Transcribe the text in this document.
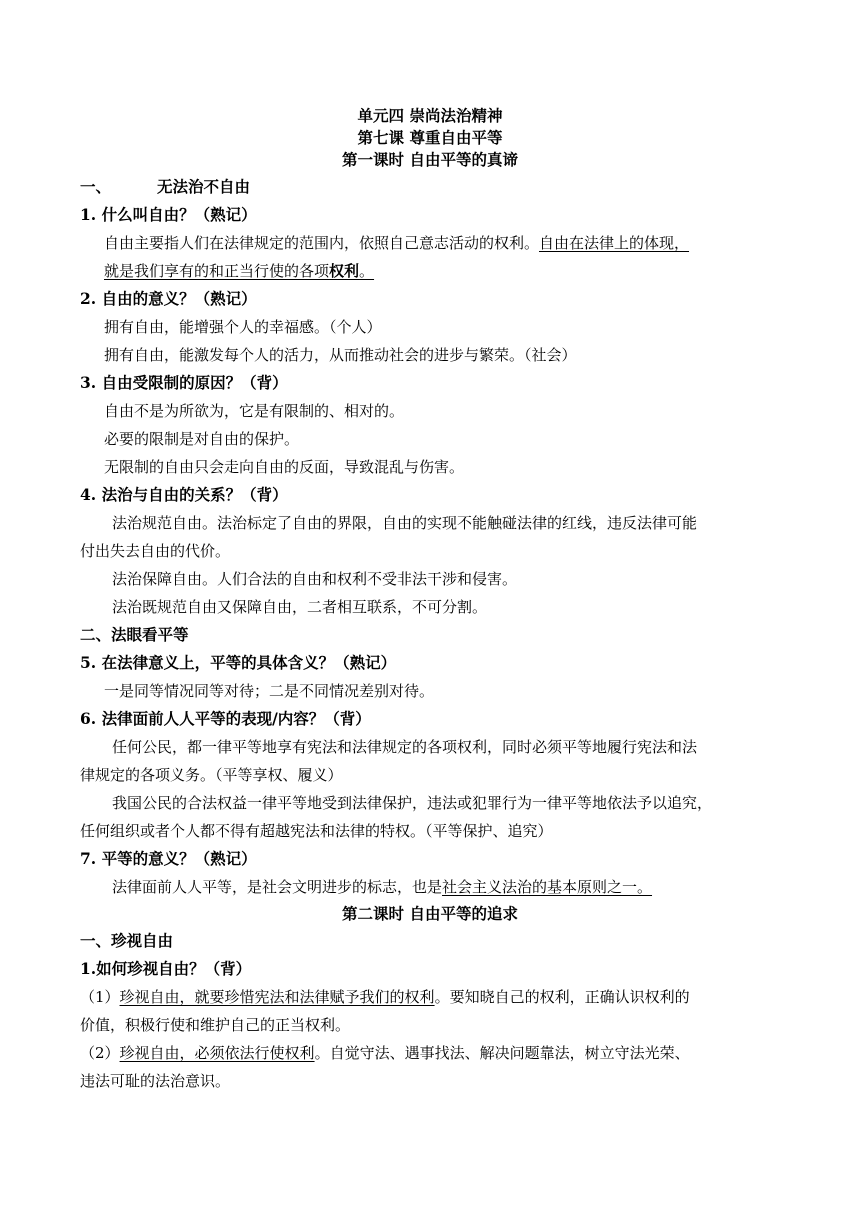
单元四 崇尚法治精神
第七课 尊重自由平等
第一课时 自由平等的真谛
一、	无法治不自由
1. 什么叫自由？（熟记）
自由主要指人们在法律规定的范围内，依照自己意志活动的权利。自由在法律上的体现，
就是我们享有的和正当行使的各项权利。
2. 自由的意义？（熟记）
拥有自由，能增强个人的幸福感。（个人）
拥有自由，能激发每个人的活力，从而推动社会的进步与繁荣。（社会）
3. 自由受限制的原因？（背）
自由不是为所欲为，它是有限制的、相对的。
必要的限制是对自由的保护。
无限制的自由只会走向自由的反面，导致混乱与伤害。
4. 法治与自由的关系？（背）
法治规范自由。法治标定了自由的界限，自由的实现不能触碰法律的红线，违反法律可能
付出失去自由的代价。
法治保障自由。人们合法的自由和权利不受非法干涉和侵害。
法治既规范自由又保障自由，二者相互联系，不可分割。
二、法眼看平等
5. 在法律意义上，平等的具体含义？（熟记）
一是同等情况同等对待；二是不同情况差别对待。
6. 法律面前人人平等的表现/内容？（背）
任何公民，都一律平等地享有宪法和法律规定的各项权利，同时必须平等地履行宪法和法
律规定的各项义务。（平等享权、履义）
我国公民的合法权益一律平等地受到法律保护，违法或犯罪行为一律平等地依法予以追究，
任何组织或者个人都不得有超越宪法和法律的特权。（平等保护、追究）
7. 平等的意义？（熟记）
法律面前人人平等，是社会文明进步的标志，也是社会主义法治的基本原则之一。
第二课时 自由平等的追求
一、珍视自由
1.如何珍视自由？（背）
（1）珍视自由，就要珍惜宪法和法律赋予我们的权利。要知晓自己的权利，正确认识权利的
价值，积极行使和维护自己的正当权利。
（2）珍视自由，必须依法行使权利。自觉守法、遇事找法、解决问题靠法，树立守法光荣、
违法可耻的法治意识。
